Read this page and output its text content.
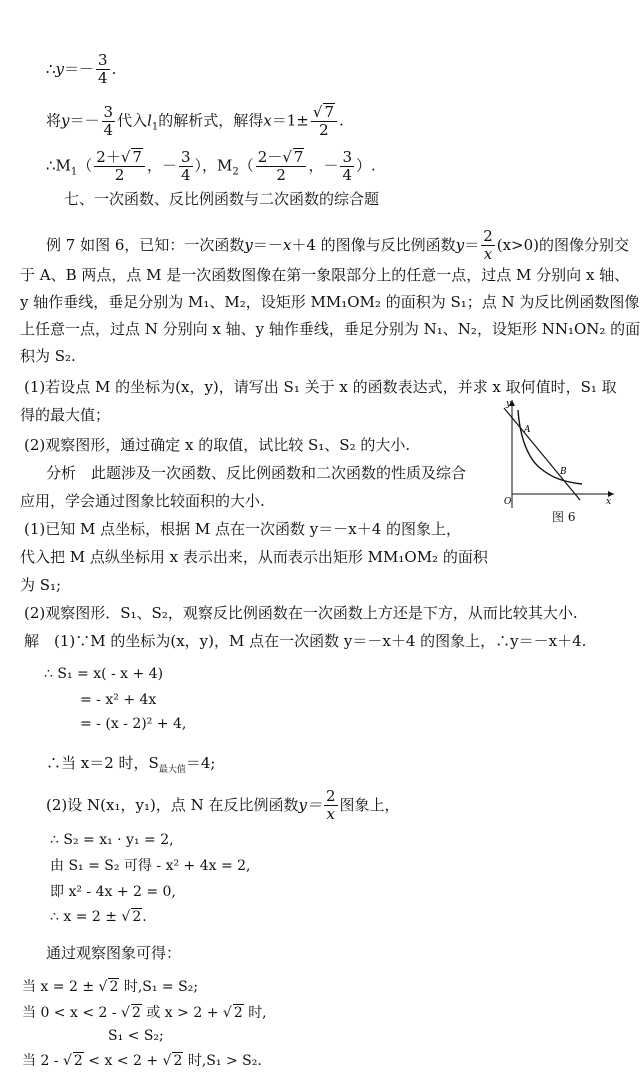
∴y＝－ $\frac{3}{4}$ .
将$y=- \frac{3}{4}$ 代入$l_1$的解析式，解得$x=1\pm \frac{√ 7}{2}$ .
$\therefore M_1( \frac{2+√ 7}{2}$ ，－ $\frac{3}{4}$ ），$M_2( \frac{2-√ 7}{2}$ ，－ $\frac{3}{4}$ ）.
七、一次函数、反比例函数与二次函数的综合题
例 7 如图 6，已知：一次函数y＝－x＋4 的图像与反比例函数$y= \frac{2}{x} (x>0)$的图像分别交
于 A、B 两点，点 M 是一次函数图像在第一象限部分上的任意一点，过点 M 分别向 x 轴、
y 轴作垂线，垂足分别为 M₁、M₂，设矩形 MM₁OM₂ 的面积为 S₁；点 N 为反比例函数图像
上任意一点，过点 N 分别向 x 轴、y 轴作垂线，垂足分别为 N₁、N₂，设矩形 NN₁ON₂ 的面
积为 S₂.
(1)若设点 M 的坐标为(x，y)，请写出 S₁ 关于 x 的函数表达式，并求 x 取何值时，S₁ 取
得的最大值；
(2)观察图形，通过确定 x 的取值，试比较 S₁、S₂ 的大小.
分析　此题涉及一次函数、反比例函数和二次函数的性质及综合
应用，学会通过图象比较面积的大小.
(1)已知 M 点坐标，根据 M 点在一次函数 y＝－x＋4 的图象上，
代入把 M 点纵坐标用 x 表示出来，从而表示出矩形 MM₁OM₂ 的面积
为 S₁;
(2)观察图形．S₁、S₂，观察反比例函数在一次函数上方还是下方，从而比较其大小.
解　(1)∵M 的坐标为(x，y)，M 点在一次函数 y＝－x＋4 的图象上，∴y＝－x＋4.
∴ S₁ = x( - x + 4)
= - x² + 4x
= - (x - 2)² + 4,
∴当 x＝2 时，$S_{最大值}=4$;
(2)设 N(x₁，y₁)，点 N 在反比例函数$y= \frac{2}{x}$ 图象上，
∴ S₂ = x₁ · y₁ = 2,
由 S₁ = S₂ 可得 - x² + 4x = 2,
即 x² - 4x + 2 = 0,
∴ x = 2 ± √ 2.
通过观察图象可得：
当 x = 2 ± √ 2 时,S₁ = S₂;
当 0 < x < 2 - √ 2 或 x > 2 + √ 2 时,
S₁ < S₂;
当 2 - √ 2 < x < 2 + √ 2 时,S₁ > S₂.
y
x
O
A
B
图 6
